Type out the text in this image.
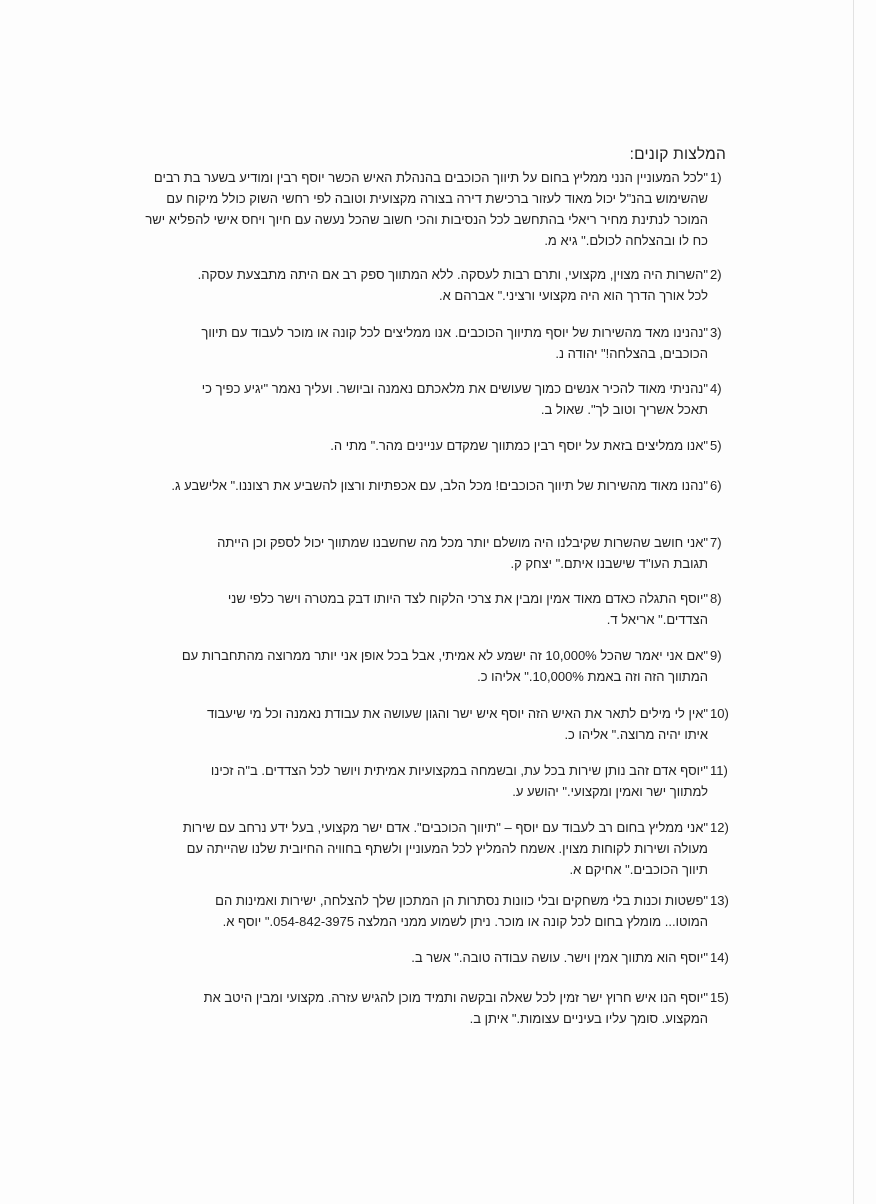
המלצות קונים:
1)
"לכל המעוניין הנני ממליץ בחום על תיווך הכוכבים בהנהלת האיש הכשר יוסף רבין ומודיע בשער בת רבים שהשימוש בהנ"ל יכול מאוד לעזור ברכישת דירה בצורה מקצועית וטובה לפי רחשי השוק כולל מיקוח עם המוכר לנתינת מחיר ריאלי בהתחשב לכל הנסיבות והכי חשוב שהכל נעשה עם חיוך ויחס אישי להפליא ישר כח לו ובהצלחה לכולם." גיא מ.
2)
"השרות היה מצוין, מקצועי, ותרם רבות לעסקה. ללא המתווך ספק רב אם היתה מתבצעת עסקה. לכל אורך הדרך הוא היה מקצועי ורציני." אברהם א.
3)
"נהנינו מאד מהשירות של יוסף מתיווך הכוכבים. אנו ממליצים לכל קונה או מוכר לעבוד עם תיווך הכוכבים, בהצלחה!" יהודה נ.
4)
"נהניתי מאוד להכיר אנשים כמוך שעושים את מלאכתם נאמנה וביושר. ועליך נאמר "יגיע כפיך כי תאכל אשריך וטוב לך". שאול ב.
5)
"אנו ממליצים בזאת על יוסף רבין כמתווך שמקדם עניינים מהר." מתי ה.
6)
"נהנו מאוד מהשירות של תיווך הכוכבים! מכל הלב, עם אכפתיות ורצון להשביע את רצוננו." אלישבע ג.
7)
"אני חושב שהשרות שקיבלנו היה מושלם יותר מכל מה שחשבנו שמתווך יכול לספק וכן הייתה תגובת העו"ד שישבנו איתם." יצחק ק.
8)
"יוסף התגלה כאדם מאוד אמין ומבין את צרכי הלקוח לצד היותו דבק במטרה וישר כלפי שני הצדדים." אריאל ד.
9)
"אם אני יאמר שהכל 10,000% זה ישמע לא אמיתי, אבל בכל אופן אני יותר ממרוצה מהתחברות עם המתווך הזה וזה באמת 10,000%." אליהו כ.
10)
"אין לי מילים לתאר את האיש הזה יוסף איש ישר והגון שעושה את עבודת נאמנה וכל מי שיעבוד איתו יהיה מרוצה." אליהו כ.
11)
"יוסף אדם זהב נותן שירות בכל עת, ובשמחה במקצועיות אמיתית ויושר לכל הצדדים. ב"ה זכינו למתווך ישר ואמין ומקצועי." יהושע ע.
12)
"אני ממליץ בחום רב לעבוד עם יוסף – "תיווך הכוכבים". אדם ישר מקצועי, בעל ידע נרחב עם שירות מעולה ושירות לקוחות מצוין. אשמח להמליץ לכל המעוניין ולשתף בחוויה החיובית שלנו שהייתה עם תיווך הכוכבים." אחיקם א.
13)
"פשטות וכנות בלי משחקים ובלי כוונות נסתרות הן המתכון שלך להצלחה, ישירות ואמינות הם המוטו... מומלץ בחום לכל קונה או מוכר. ניתן לשמוע ממני המלצה 054-842-3975." יוסף א.
14)
"יוסף הוא מתווך אמין וישר. עושה עבודה טובה." אשר ב.
15)
"יוסף הנו איש חרוץ ישר זמין לכל שאלה ובקשה ותמיד מוכן להגיש עזרה. מקצועי ומבין היטב את המקצוע. סומך עליו בעיניים עצומות." איתן ב.
